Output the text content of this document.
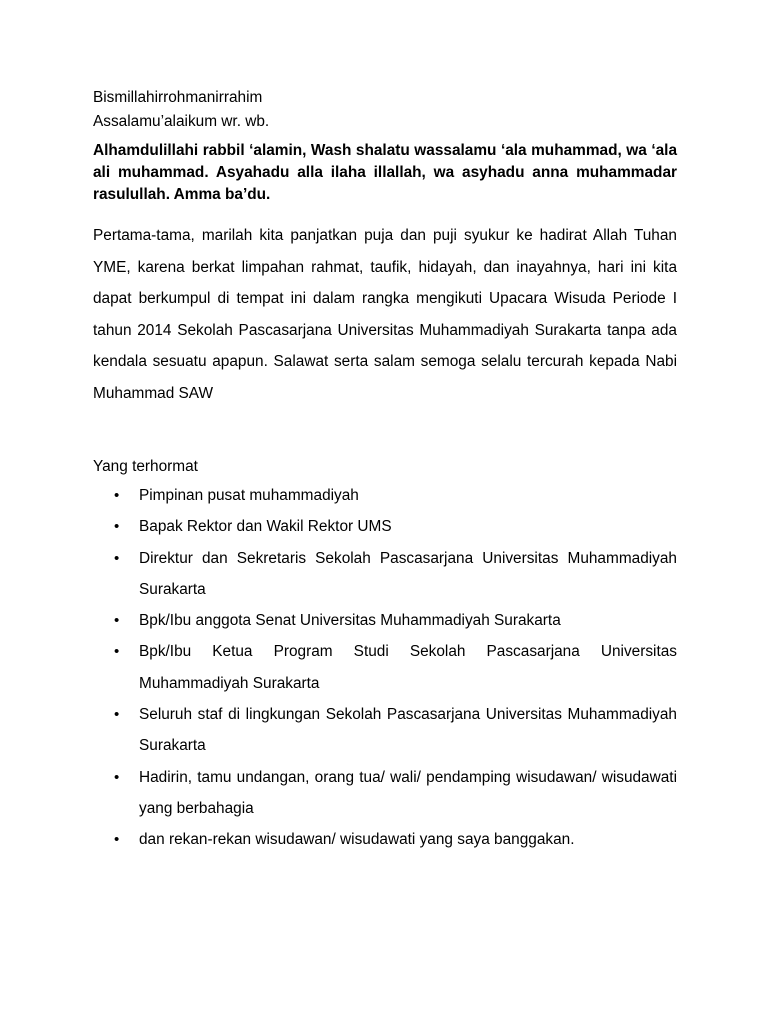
Bismillahirrohmanirrahim

Assalamu’alaikum wr. wb.

Alhamdulillahi rabbil ‘alamin, Wash shalatu wassalamu ‘ala muhammad, wa ‘ala ali muhammad. Asyahadu alla ilaha illallah, wa asyhadu anna muhammadar rasulullah. Amma ba’du.

Pertama-tama, marilah kita panjatkan puja dan puji syukur ke hadirat Allah Tuhan YME, karena berkat limpahan rahmat, taufik, hidayah, dan inayahnya, hari ini kita dapat berkumpul di tempat ini dalam rangka mengikuti Upacara Wisuda Periode I tahun 2014 Sekolah Pascasarjana Universitas Muhammadiyah Surakarta tanpa ada kendala sesuatu apapun. Salawat serta salam semoga selalu tercurah kepada Nabi Muhammad SAW

Yang terhormat

• Pimpinan pusat muhammadiyah
• Bapak Rektor dan Wakil Rektor UMS
• Direktur dan Sekretaris Sekolah Pascasarjana Universitas Muhammadiyah Surakarta
• Bpk/Ibu anggota Senat Universitas Muhammadiyah Surakarta
• Bpk/Ibu Ketua Program Studi Sekolah Pascasarjana Universitas Muhammadiyah Surakarta
• Seluruh staf di lingkungan Sekolah Pascasarjana Universitas Muhammadiyah Surakarta
• Hadirin, tamu undangan, orang tua/ wali/ pendamping wisudawan/ wisudawati yang berbahagia
• dan rekan-rekan wisudawan/ wisudawati yang saya banggakan.
